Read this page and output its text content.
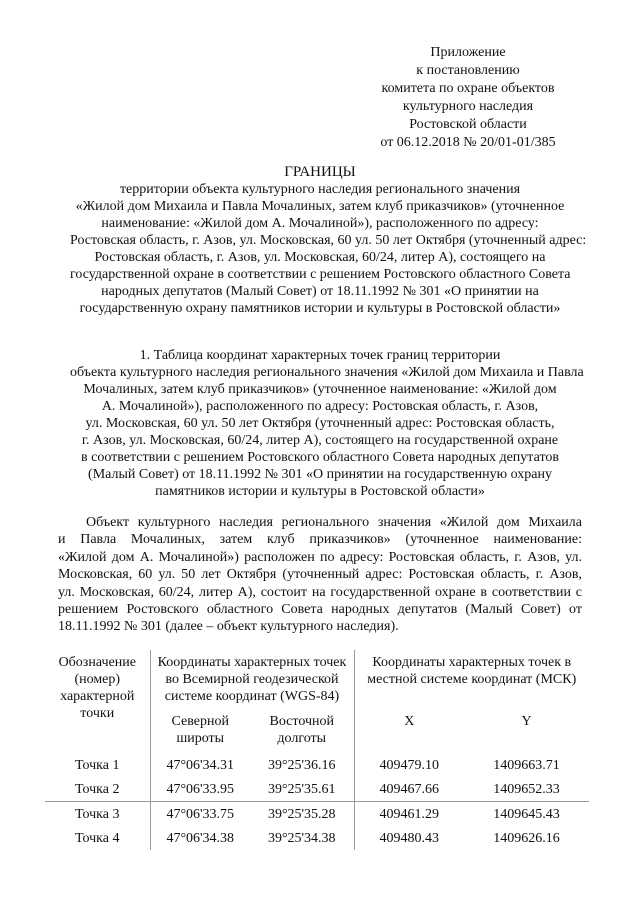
Приложение
к постановлению
комитета по охране объектов
культурного наследия
Ростовской области
от 06.12.2018 № 20/01-01/385
ГРАНИЦЫ
территории объекта культурного наследия регионального значения
«Жилой дом Михаила и Павла Мочалиных, затем клуб приказчиков» (уточненное
наименование: «Жилой дом А. Мочалиной»), расположенного по адресу:
Ростовская область, г. Азов, ул. Московская, 60 ул. 50 лет Октября (уточненный адрес:
Ростовская область, г. Азов, ул. Московская, 60/24, литер А), состоящего на
государственной охране в соответствии с решением Ростовского областного Совета
народных депутатов (Малый Совет) от 18.11.1992 № 301 «О принятии на
государственную охрану памятников истории и культуры в Ростовской области»
1. Таблица координат характерных точек границ территории
объекта культурного наследия регионального значения «Жилой дом Михаила и Павла
Мочалиных, затем клуб приказчиков» (уточненное наименование: «Жилой дом
А. Мочалиной»), расположенного по адресу: Ростовская область, г. Азов,
ул. Московская, 60 ул. 50 лет Октября (уточненный адрес: Ростовская область,
г. Азов, ул. Московская, 60/24, литер А), состоящего на государственной охране
в соответствии с решением Ростовского областного Совета народных депутатов
(Малый Совет) от 18.11.1992 № 301 «О принятии на государственную охрану
памятников истории и культуры в Ростовской области»
Объект культурного наследия регионального значения «Жилой дом Михаила
и Павла Мочалиных, затем клуб приказчиков» (уточненное наименование:
«Жилой дом А. Мочалиной») расположен по адресу: Ростовская область, г. Азов, ул.
Московская, 60 ул. 50 лет Октября (уточненный адрес: Ростовская область, г. Азов,
ул. Московская, 60/24, литер А), состоит на государственной охране в соответствии с
решением Ростовского областного Совета народных депутатов (Малый Совет) от
18.11.1992 № 301 (далее – объект культурного наследия).
Обозначение (номер) характерной точки	Координаты характерных точек во Всемирной геодезической системе координат (WGS-84)		Координаты характерных точек в местной системе координат (МСК)	
	Северной широты	Восточной долготы	X	Y
Точка 1	47°06'34.31	39°25'36.16	409479.10	1409663.71
Точка 2	47°06'33.95	39°25'35.61	409467.66	1409652.33
Точка 3	47°06'33.75	39°25'35.28	409461.29	1409645.43
Точка 4	47°06'34.38	39°25'34.38	409480.43	1409626.16
